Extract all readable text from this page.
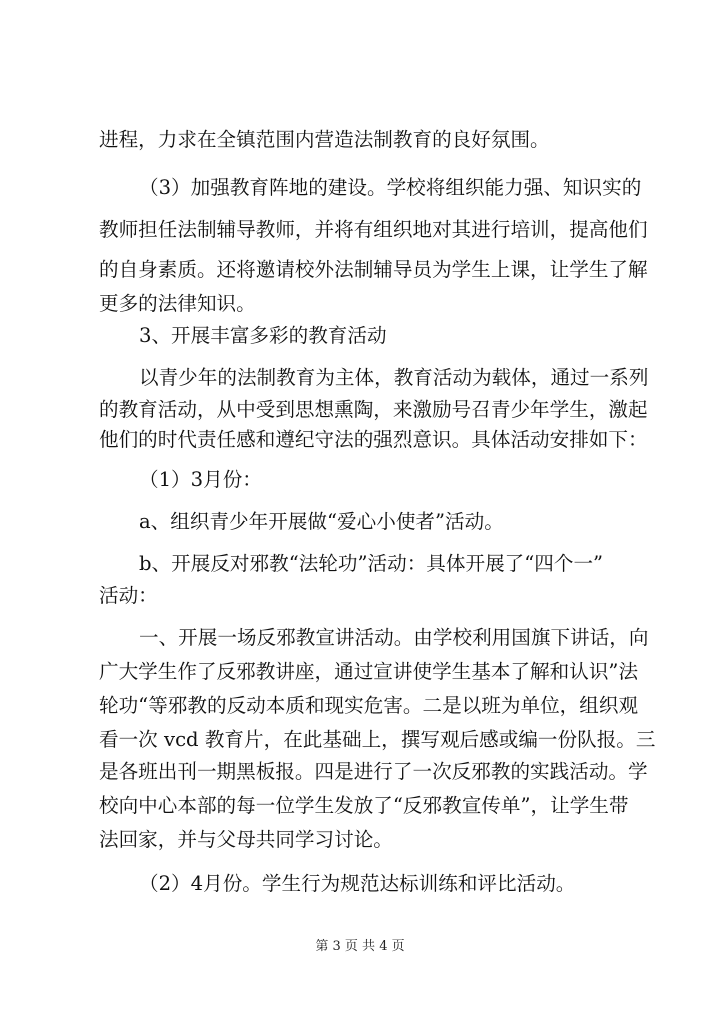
进程，力求在全镇范围内营造法制教育的良好氛围。
（3）加强教育阵地的建设。学校将组织能力强、知识实的
教师担任法制辅导教师，并将有组织地对其进行培训，提高他们
的自身素质。还将邀请校外法制辅导员为学生上课，让学生了解
更多的法律知识。
3、开展丰富多彩的教育活动
以青少年的法制教育为主体，教育活动为载体，通过一系列
的教育活动，从中受到思想熏陶，来激励号召青少年学生，激起
他们的时代责任感和遵纪守法的强烈意识。具体活动安排如下：
（1）3月份：
a、组织青少年开展做“爱心小使者”活动。
b、开展反对邪教“法轮功”活动：具体开展了“四个一”
活动：
一、开展一场反邪教宣讲活动。由学校利用国旗下讲话，向
广大学生作了反邪教讲座，通过宣讲使学生基本了解和认识”法
轮功“等邪教的反动本质和现实危害。二是以班为单位，组织观
看一次 vcd 教育片，在此基础上，撰写观后感或编一份队报。三
是各班出刊一期黑板报。四是进行了一次反邪教的实践活动。学
校向中心本部的每一位学生发放了“反邪教宣传单”，让学生带
法回家，并与父母共同学习讨论。
（2）4月份。学生行为规范达标训练和评比活动。
第 3 页 共 4 页
